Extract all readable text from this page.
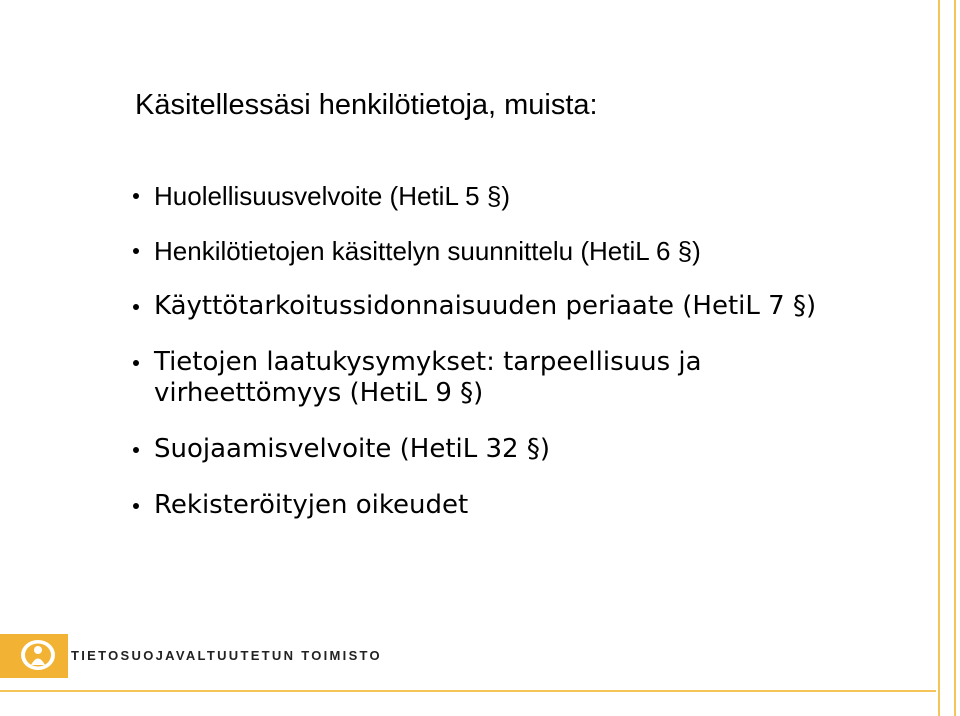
Käsitellessäsi henkilötietoja, muista:
Huolellisuusvelvoite (HetiL 5 §)
Henkilötietojen käsittelyn suunnittelu (HetiL 6 §)
Käyttötarkoitussidonnaisuuden periaate (HetiL 7 §)
Tietojen laatukysymykset: tarpeellisuus ja
virheettömyys (HetiL 9 §)
Suojaamisvelvoite (HetiL 32 §)
Rekisteröityjen oikeudet
TIETOSUOJAVALTUUTETUN TOIMISTO
